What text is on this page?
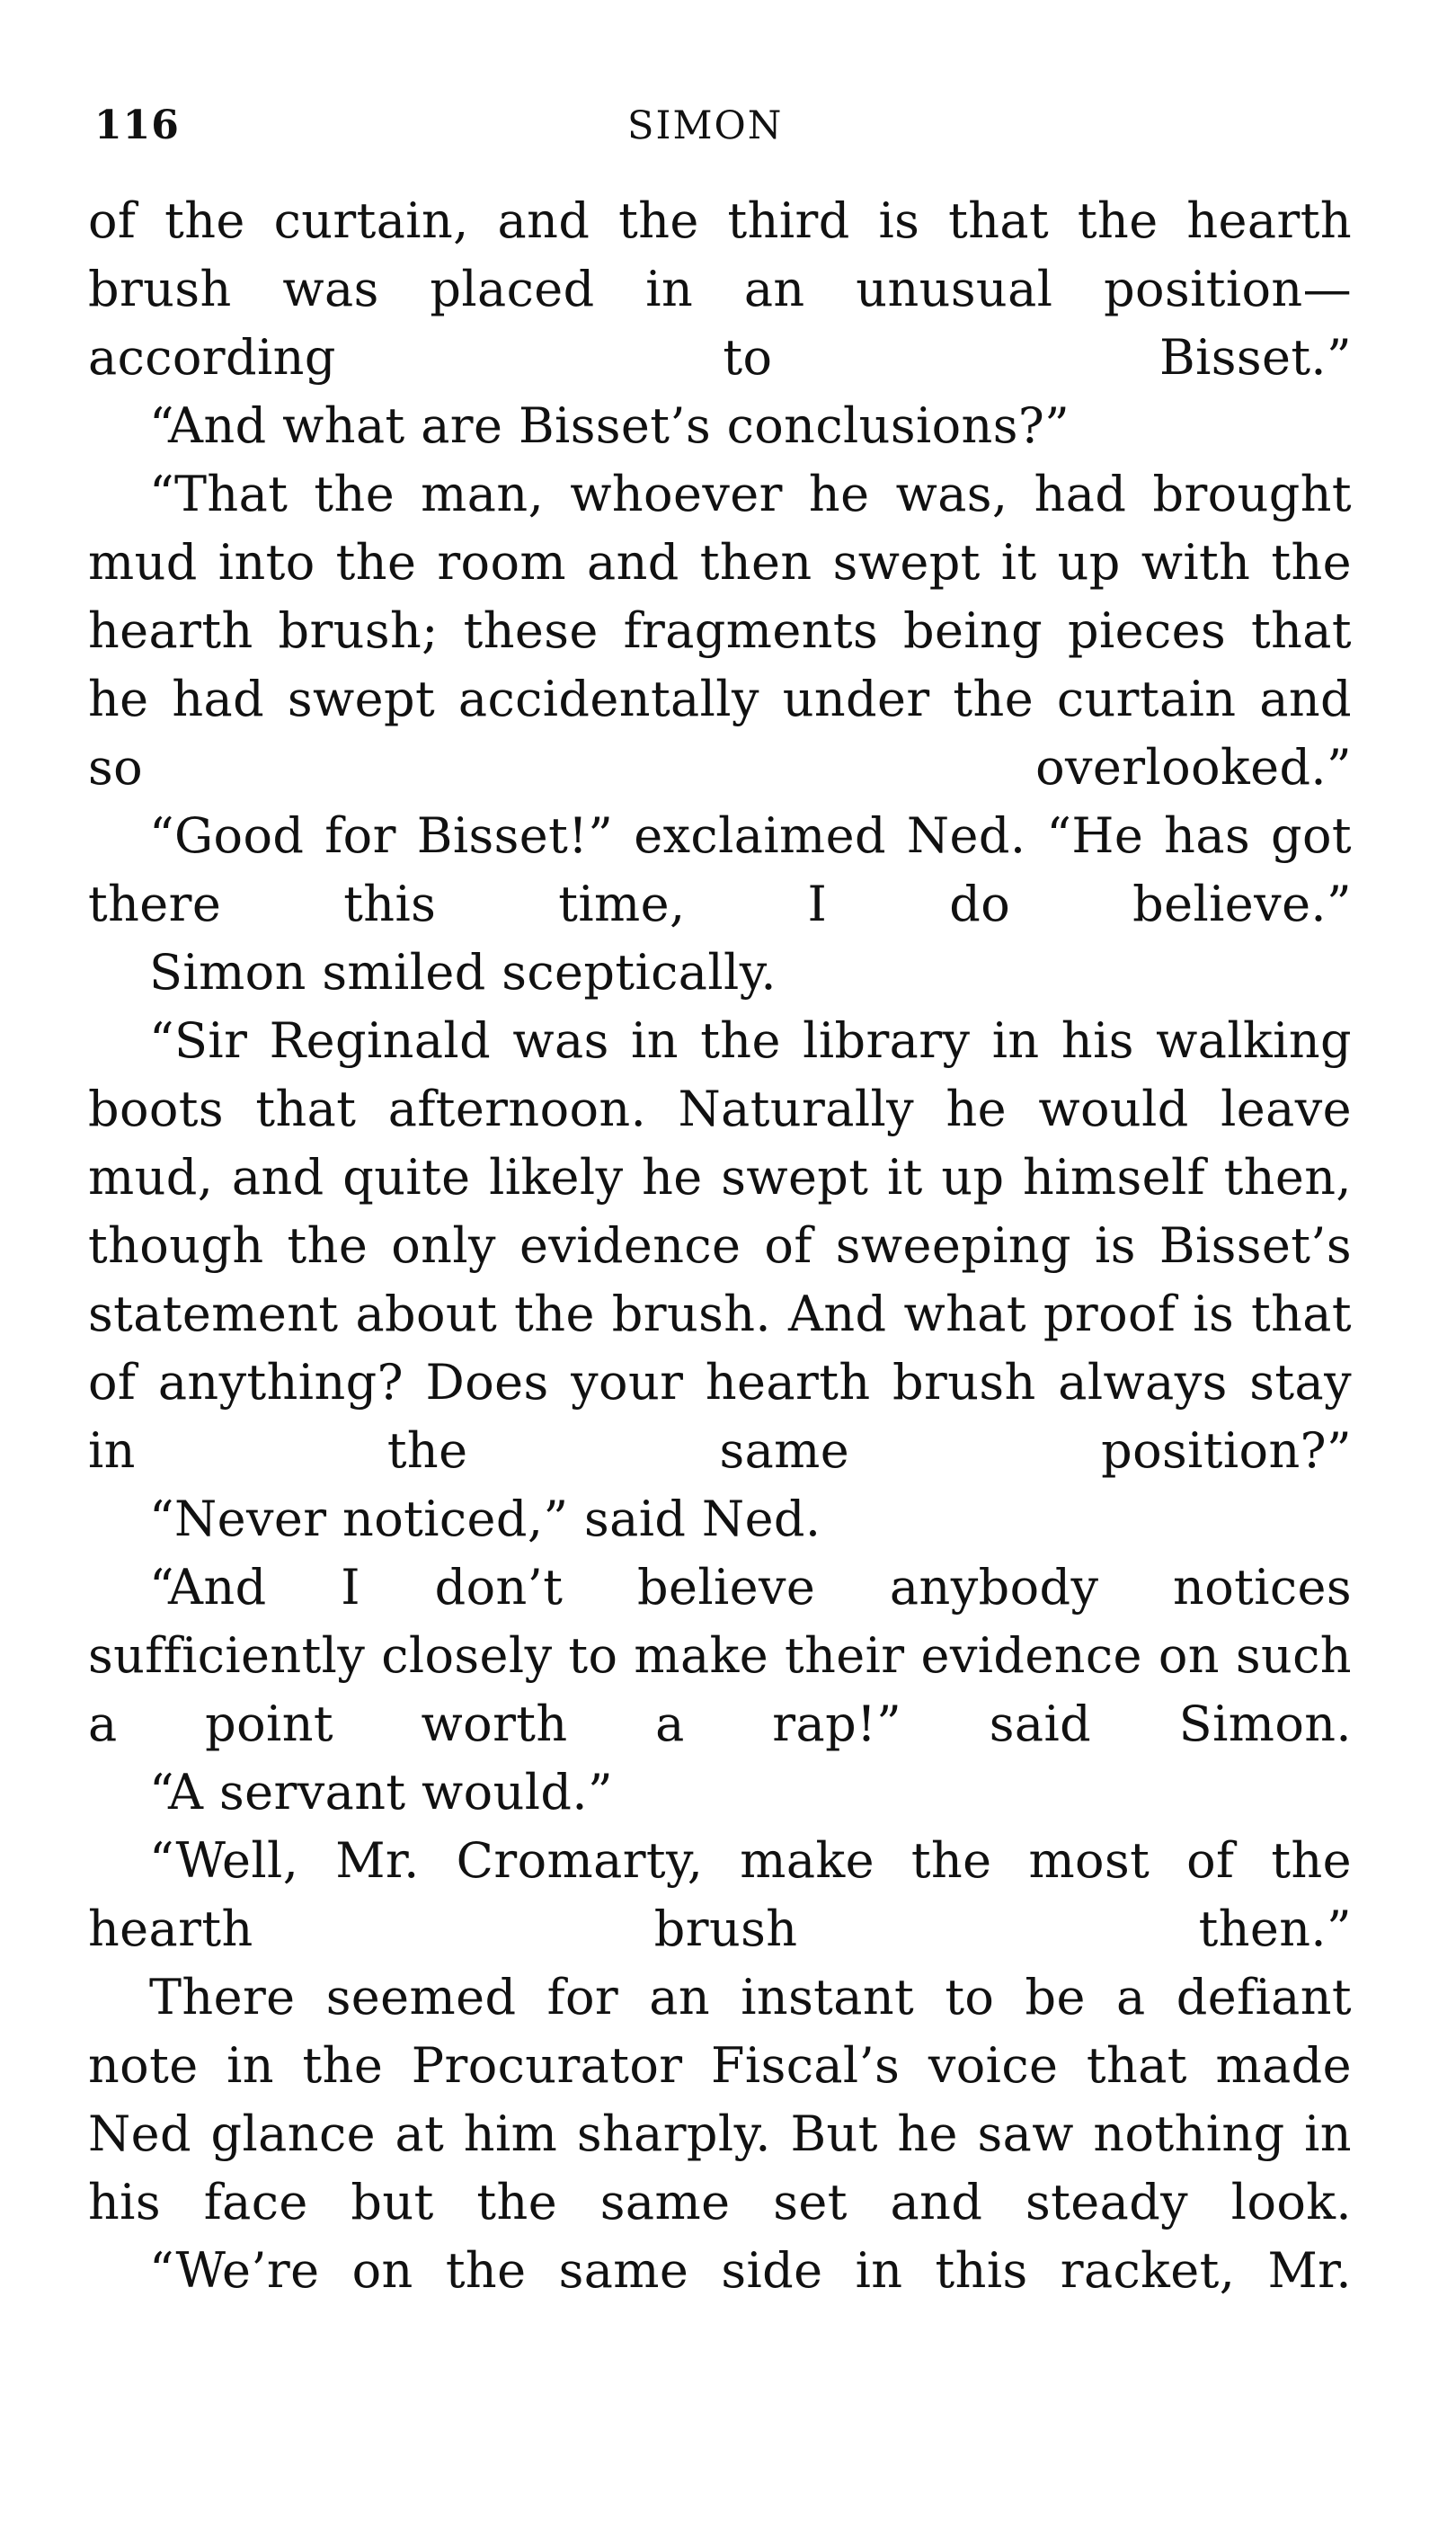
116	SIMON

of the curtain, and the third is that the hearth brush was placed in an unusual position—according to Bisset.”

“And what are Bisset’s conclusions?”

“That the man, whoever he was, had brought mud into the room and then swept it up with the hearth brush; these fragments being pieces that he had swept accidentally under the curtain and so overlooked.”

“Good for Bisset!” exclaimed Ned. “He has got there this time, I do believe.”

Simon smiled sceptically.

“Sir Reginald was in the library in his walking boots that afternoon. Naturally he would leave mud, and quite likely he swept it up himself then, though the only evidence of sweeping is Bisset’s statement about the brush. And what proof is that of anything? Does your hearth brush always stay in the same position?”

“Never noticed,” said Ned.

“And I don’t believe anybody notices sufficiently closely to make their evidence on such a point worth a rap!” said Simon.

“A servant would.”

“Well, Mr. Cromarty, make the most of the hearth brush then.”

There seemed for an instant to be a defiant note in the Procurator Fiscal’s voice that made Ned glance at him sharply. But he saw nothing in his face but the same set and steady look.

“We’re on the same side in this racket, Mr.
